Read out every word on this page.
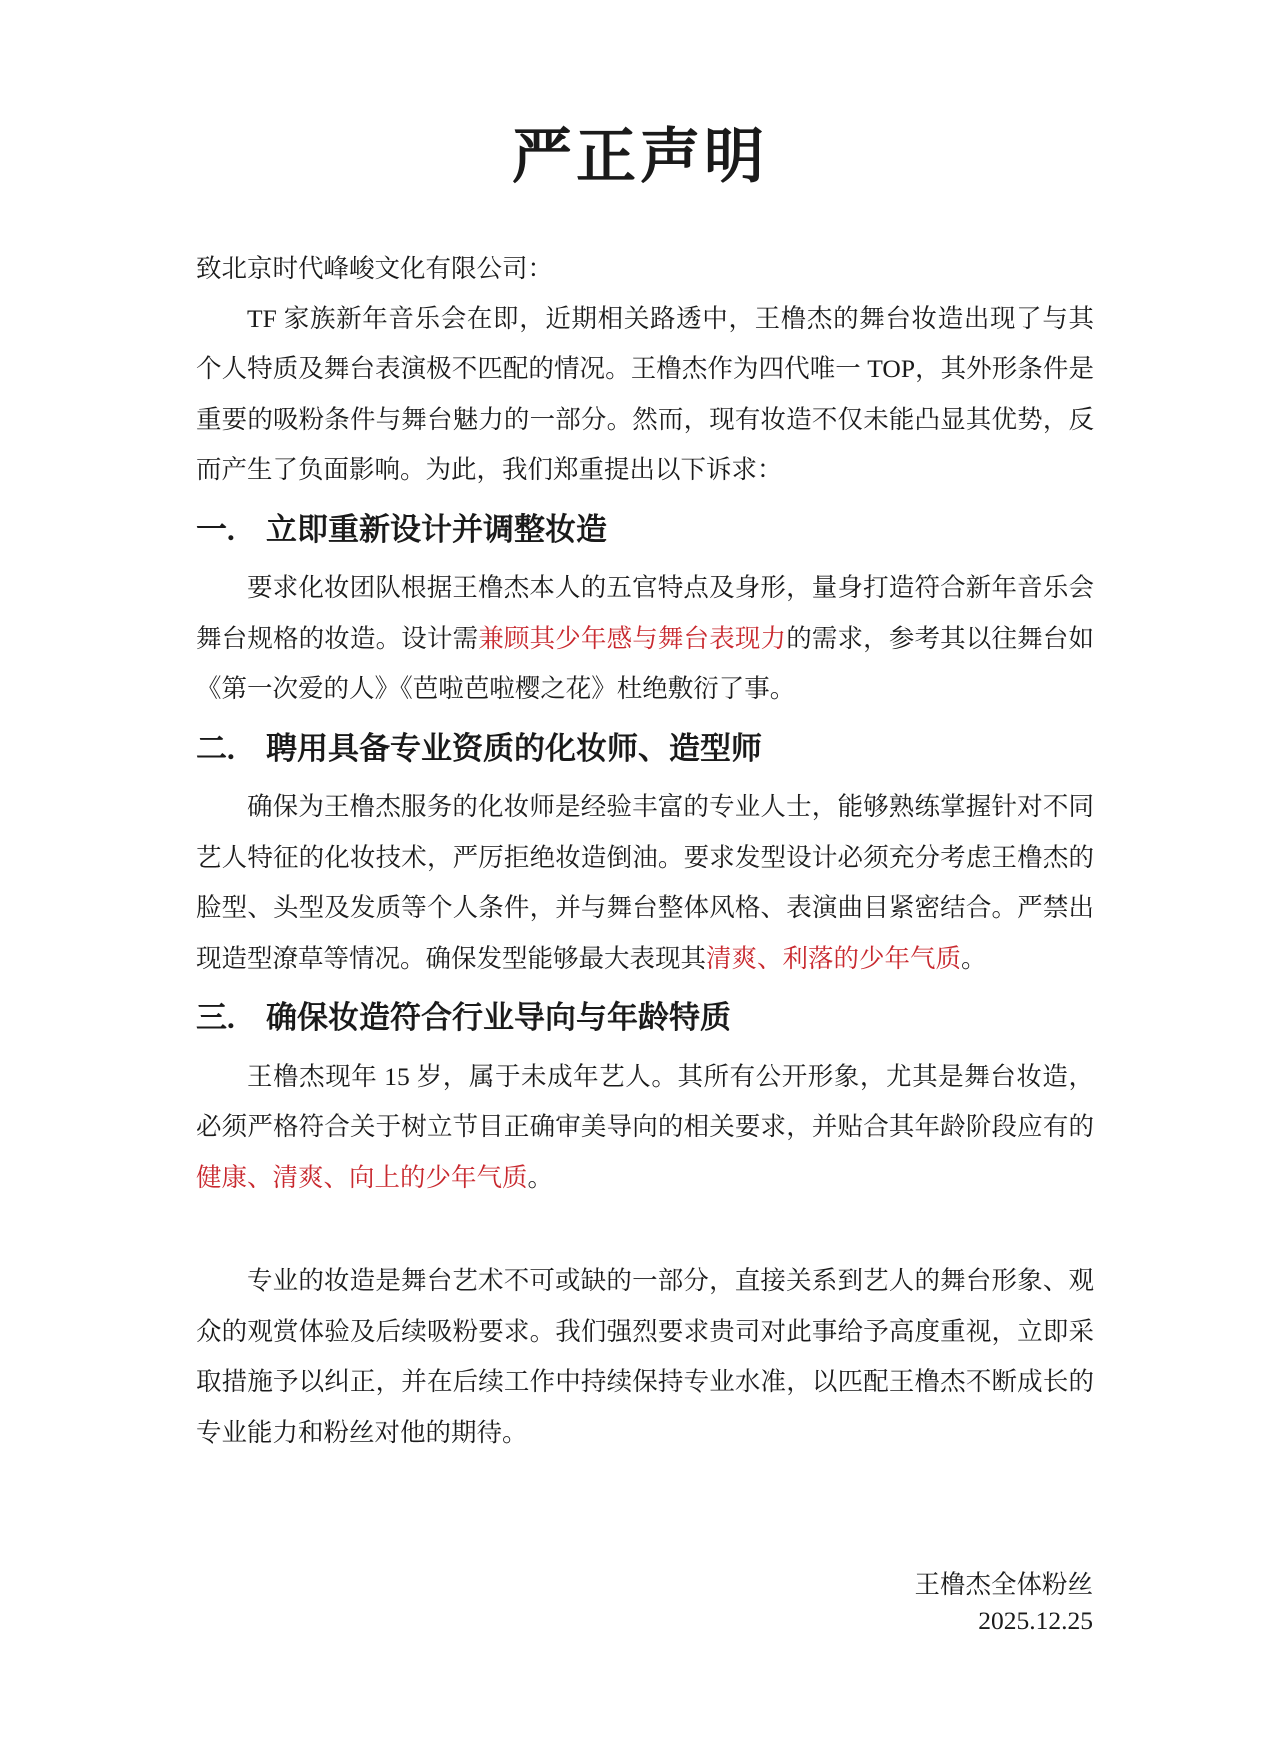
严正声明
致北京时代峰峻文化有限公司：
TF 家族新年音乐会在即，近期相关路透中，王橹杰的舞台妆造出现了与其
个人特质及舞台表演极不匹配的情况。王橹杰作为四代唯一 TOP，其外形条件是
重要的吸粉条件与舞台魅力的一部分。然而，现有妆造不仅未能凸显其优势，反
而产生了负面影响。为此，我们郑重提出以下诉求：
一. 立即重新设计并调整妆造
要求化妆团队根据王橹杰本人的五官特点及身形，量身打造符合新年音乐会
舞台规格的妆造。设计需兼顾其少年感与舞台表现力的需求，参考其以往舞台如
《第一次爱的人》《芭啦芭啦樱之花》杜绝敷衍了事。
二. 聘用具备专业资质的化妆师、造型师
确保为王橹杰服务的化妆师是经验丰富的专业人士，能够熟练掌握针对不同
艺人特征的化妆技术，严厉拒绝妆造倒油。要求发型设计必须充分考虑王橹杰的
脸型、头型及发质等个人条件，并与舞台整体风格、表演曲目紧密结合。严禁出
现造型潦草等情况。确保发型能够最大表现其清爽、利落的少年气质。
三. 确保妆造符合行业导向与年龄特质
王橹杰现年 15 岁，属于未成年艺人。其所有公开形象，尤其是舞台妆造，
必须严格符合关于树立节目正确审美导向的相关要求，并贴合其年龄阶段应有的
健康、清爽、向上的少年气质。
专业的妆造是舞台艺术不可或缺的一部分，直接关系到艺人的舞台形象、观
众的观赏体验及后续吸粉要求。我们强烈要求贵司对此事给予高度重视，立即采
取措施予以纠正，并在后续工作中持续保持专业水准，以匹配王橹杰不断成长的
专业能力和粉丝对他的期待。
王橹杰全体粉丝
2025.12.25
